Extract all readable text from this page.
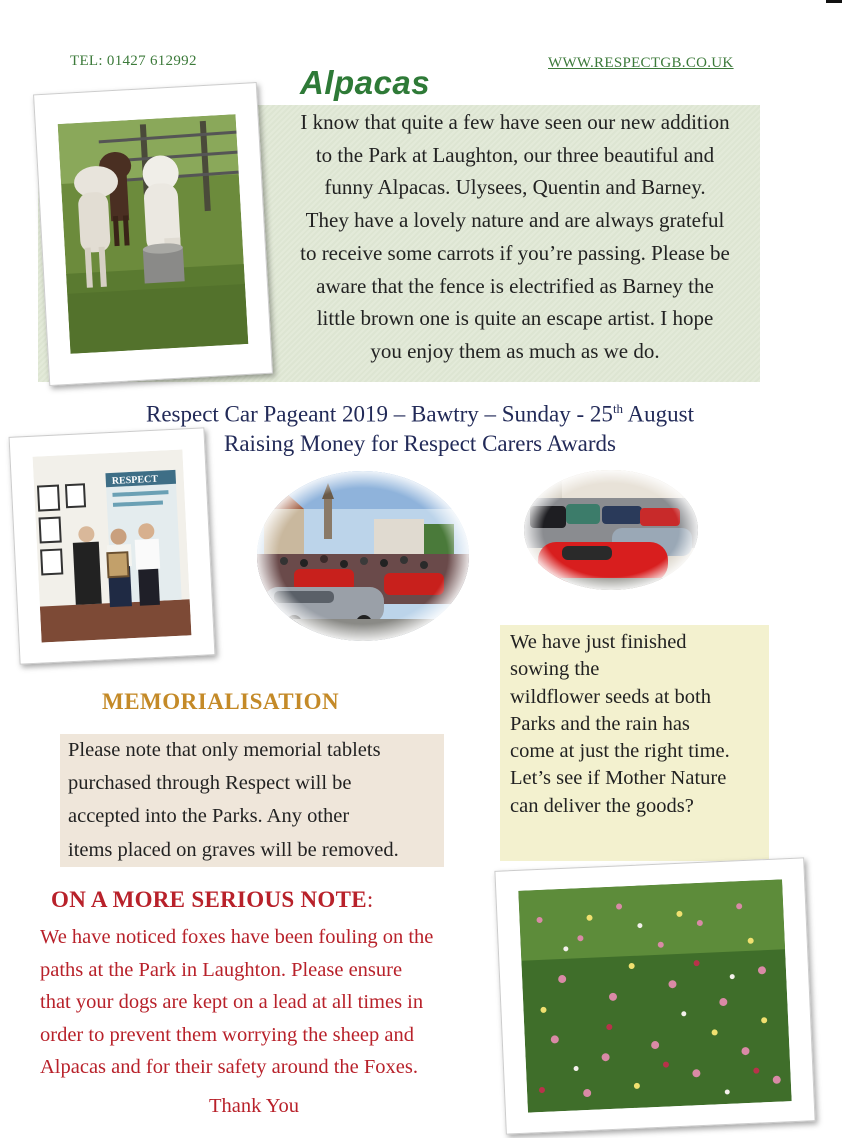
TEL: 01427 612992	WWW.RESPECTGB.CO.UK
Alpacas
I know that quite a few have seen our new addition
to the Park at Laughton, our three beautiful and
funny Alpacas. Ulysees, Quentin and Barney.
They have a lovely nature and are always grateful
to receive some carrots if you’re passing. Please be
aware that the fence is electrified as Barney the
little brown one is quite an escape artist. I hope
you enjoy them as much as we do.
Respect Car Pageant 2019 – Bawtry – Sunday - 25th August
Raising Money for Respect Carers Awards
RESPECT
We have just finished
sowing the
wildflower seeds at both
Parks and the rain has
come at just the right time.
Let’s see if Mother Nature
can deliver the goods?
MEMORIALISATION
Please note that only memorial tablets
purchased through Respect will be
accepted into the Parks. Any other
items placed on graves will be removed.
ON A MORE SERIOUS NOTE:
We have noticed foxes have been fouling on the
paths at the Park in Laughton. Please ensure
that your dogs are kept on a lead at all times in
order to prevent them worrying the sheep and
Alpacas and for their safety around the Foxes.
Thank You
